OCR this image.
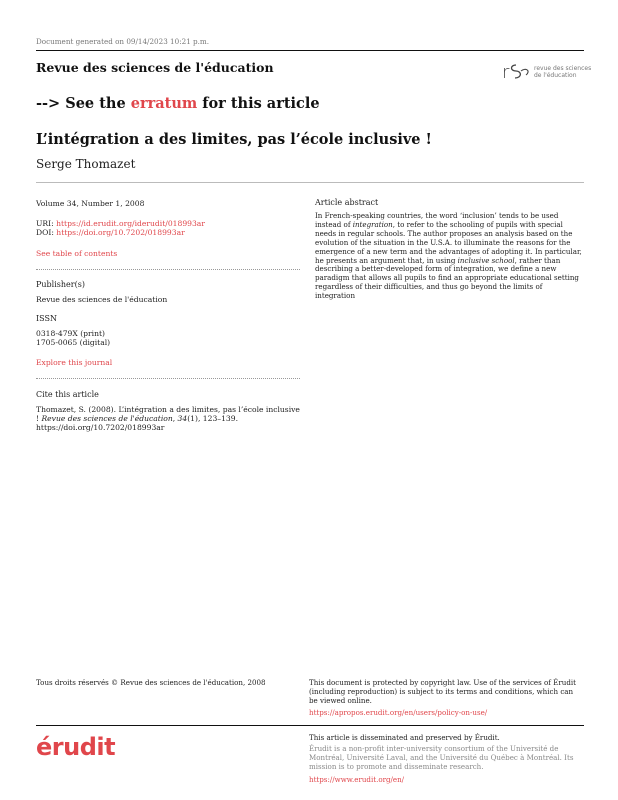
Document generated on 09/14/2023 10:21 p.m.
Revue des sciences de l'éducation	r	revue des sciences
de l'éducation
--> See the erratum for this article
L’intégration a des limites, pas l’école inclusive !
Serge Thomazet
Volume 34, Number 1, 2008
URI: https://id.erudit.org/iderudit/018993ar
DOI: https://doi.org/10.7202/018993ar
See table of contents
Publisher(s)
Revue des sciences de l'éducation
ISSN
0318-479X (print)
1705-0065 (digital)
Explore this journal
Cite this article
Thomazet, S. (2008). L’intégration a des limites, pas l’école inclusive ! Revue des sciences de l'éducation, 34(1), 123–139. https://doi.org/10.7202/018993ar
Article abstract
In French-speaking countries, the word ‘inclusion’ tends to be used instead of integration, to refer to the schooling of pupils with special needs in regular schools. The author proposes an analysis based on the evolution of the situation in the U.S.A. to illuminate the reasons for the emergence of a new term and the advantages of adopting it. In particular, he presents an argument that, in using inclusive school, rather than describing a better-developed form of integration, we define a new paradigm that allows all pupils to find an appropriate educational setting regardless of their difficulties, and thus go beyond the limits of integration
Tous droits réservés © Revue des sciences de l'éducation, 2008	This document is protected by copyright law. Use of the services of Érudit (including reproduction) is subject to its terms and conditions, which can be viewed online.
https://apropos.erudit.org/en/users/policy-on-use/
érudit	This article is disseminated and preserved by Érudit.
Érudit is a non-profit inter-university consortium of the Université de Montréal, Université Laval, and the Université du Québec à Montréal. Its mission is to promote and disseminate research.
https://www.erudit.org/en/
